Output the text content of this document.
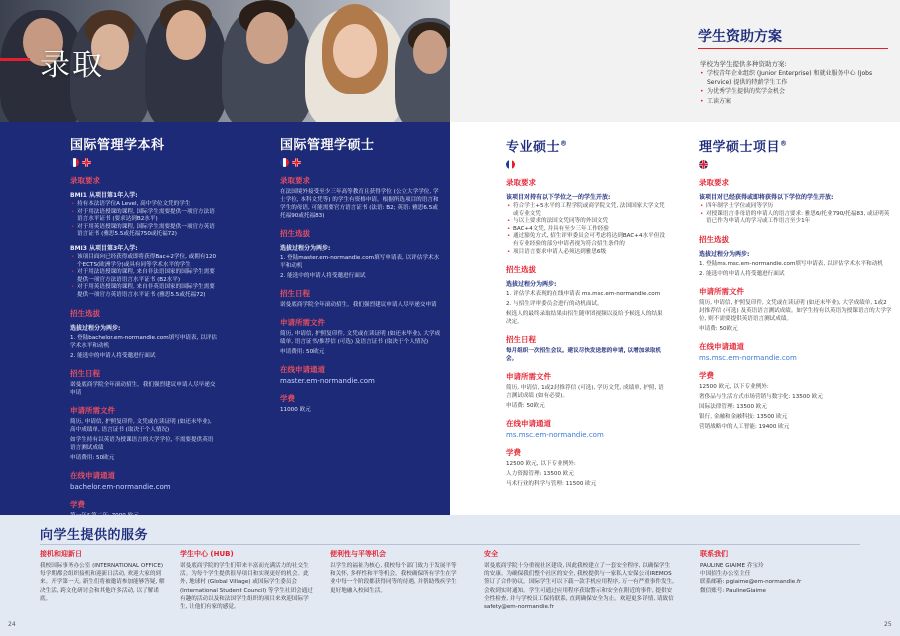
录取
学生资助方案
学校为学生提供多种资助方案:
• 学校青年企业组织 (Junior Enterprise) 和就业服务中心 (Jobs Service) 提供的特薪学生工作
• 为优秀学生提供的奖学金机会
• 工读方案
国际管理学本科
录取要求
BMI1 从项目第1年入学:
• 持有本法语学位A Level, 高中学位文凭的学生
• 对于用法语授课的课程, 国际学生需要提供一项官方法语语言水平证书 (要求达到B2水平)
• 对于用英语授课的课程, 国际学生需要提供一项官方英语语言证书 (雅思5.5或托福750或托福72)
BMI3 从项目第3年入学:
• 该项目面向已经获得或即将获得Bac+2学位, 或拥有120个ECTS(欧洲学分)或具有同等学术水平的学生
• 对于用法语授课的课程, 来自非法语国家的国际学生需要提供一项官方法语语言水平证书 (B2水平)
• 对于用英语授课的课程, 来自非英语国家的国际学生需要提供一项官方英语语言水平证书 (雅思5.5或托福72)
招生选拔
选拔过程分为两步:
1. 登陆bachelor.em-normandie.com填写申请表, 以评估学术水平和动机
2. 能选中的申请人将受邀进行面试
招生日程
诺曼底商学院全年滚动招生。我们强烈建议申请人尽早递交申请
申请所需文件
简历, 申请信, 护照复印件, 文凭或在读证明 (如还未毕业), 高中成绩单, 语言证书 (取决于个人情况)
如学生持有以英语为授课语言的大学学位, 不需要提供英语语言测试成绩
申请费用: 50欧元
在线申请通道
bachelor.em-normandie.com
学费
国际管理学硕士
录取要求
在法国境外接受至少三年高等教育且获得学位 (公立大学学位, 学士学位, 本科文凭等) 的学生有资格申请。根据所选项目的语言和学生的母语, 可能需要官方语言证书 (法语: B2; 英语: 雅思6.5或托福90或托福83)
招生选拔
选拔过程分为两步:
1. 登陆master.em-normandie.com填写申请表, 以评估学术水平和动机
2. 能选中的申请人将受邀进行面试
招生日程
诺曼底商学院全年滚动招生。我们强烈建议申请人尽早递交申请
申请所需文件
简历, 申请信, 护照复印件, 文凭或在读证明 (如还未毕业), 大学成绩单, 语言证书/推荐信 (可选) 及语言证书 (取决于个人情况)
申请费用: 50欧元
在线申请通道
master.em-normandie.com
学费
11000 欧元
专业硕士®
录取要求
该项目对持有以下学位之一的学生开放:
• 符合学士+5水平的工程学院或商学院文凭, 法国国家大学文凭或专业文凭
• 与以上要求的法国文凭同等的外国文凭
• BAC+4文凭, 并具有至少三年工作经验
• 通过豁免方式, 招生评审委员会可考虑将达到BAC+4水平但没有专业经验的部分申请者视为符合招生条件的
• 项目语言要求申请人必须达到雅思6级
招生选拔
选拔过程分为两步:
1. 评估学术表现的在线申请表 ms.msc.em-normandie.com
2. 与招生评审委员会进行的动机面试。
候选人的最终录取结果由招生随审团视频以及给予候选人的结果决定。
招生日程
每月组织一次招生会议。建议尽快发送您的申请, 以增加录取机会。
申请所需文件
简历, 申请信, 1或2封推荐信 (可选), 学历文凭, 成绩单, 护照, 语言测试成绩 (如有必要)。
申请费: 50欧元
在线申请通道
ms.msc.em-normandie.com
学费
12500 欧元, 以下专业例外:
人力资源管理: 13500 欧元
马术行业的科学与管理: 11500 欧元
理学硕士项目®
录取要求
该项目对已经获得或即将获得以下学位的学生开放:
• 四年制学士学位或同等学历
• 对授课语言非母语的申请人的语言要求: 雅思6/托业790/托福83, 或证明英语已作为申请人的学习或工作语言至少1年
招生选拔
选拔过程分为两步:
1. 登陆ms.msc.em-normandie.com填写申请表, 以评估学术水平和动机
2. 能选中的申请人将受邀进行面试
申请所需文件
简历, 申请信, 护照复印件, 文凭或在读证明 (如还未毕业), 大学成绩单, 1或2封推荐信 (可选) 及英语语言测试成绩。如学生持有以英语为授课语言的大学学位, 则不需要提供英语语言测试成绩。
申请费: 50欧元
在线申请通道
ms.msc.em-normandie.com
学费
12500 欧元, 以下专业例外:
奢侈品与生活方式市场营销与数字化: 13500 欧元
国际法律管理: 13500 欧元
银行, 金融和金融科技: 13500 欧元
营销战略中的人工智能: 19400 欧元
向学生提供的服务
接机和迎新日
我校国际事务办公室 (INTERNATIONAL OFFICE) 每学期都会组织接机和迎新日活动, 欢迎大家的到来。开学第一天, 新生们将被邀请参加能够答疑, 解决生活, 跨文化研讨会和其他许多活动, 以了解诺底。
学生中心 (HUB)
诺曼底商学院的学生们带来丰富而充满活力的社交生活。为每个学生提供很导项目和实现更好的机会。此外, 地球村 (Global Village) 或国际学生委员会 (International Student Council) 等学生社团会通过有趣的活动以及和法国学生组织的项目来欢迎国际学生, 让他们有家的感觉。
便利性与平等机会
以学生的福祉为核心, 我校每个部门致力于发展平等和关怀, 多样性和平等机会。我校确保所有学生在学业中每一个阶段都获得同等的待遇, 并帮助残疾学生更好地融入校园生活。
安全
诺曼底商学院十分重视社区建设, 因此我校建立了一套安全程序, 以确保学生的安康。为确保我们整个社区的安全, 我校提供与一家私人安保公司IREMOS签订了合作协议。国际学生可以下载一款手机应用程序, 万一有严重事件发生, 会收到实时通知。学生可通过应用程序获取警示和安全在附近的事件, 提供安全性检查, 并与学校员工保持联系, 直到确保安全为止。欢迎更多详情, 请致信safety@em-normandie.fr
联系我们
PAULINE GIAIME 乔宝玲
中国招生办公室主任
联系邮箱: pgiaime@em-normandie.fr
微信账号: PaulineGiaime
24	25
